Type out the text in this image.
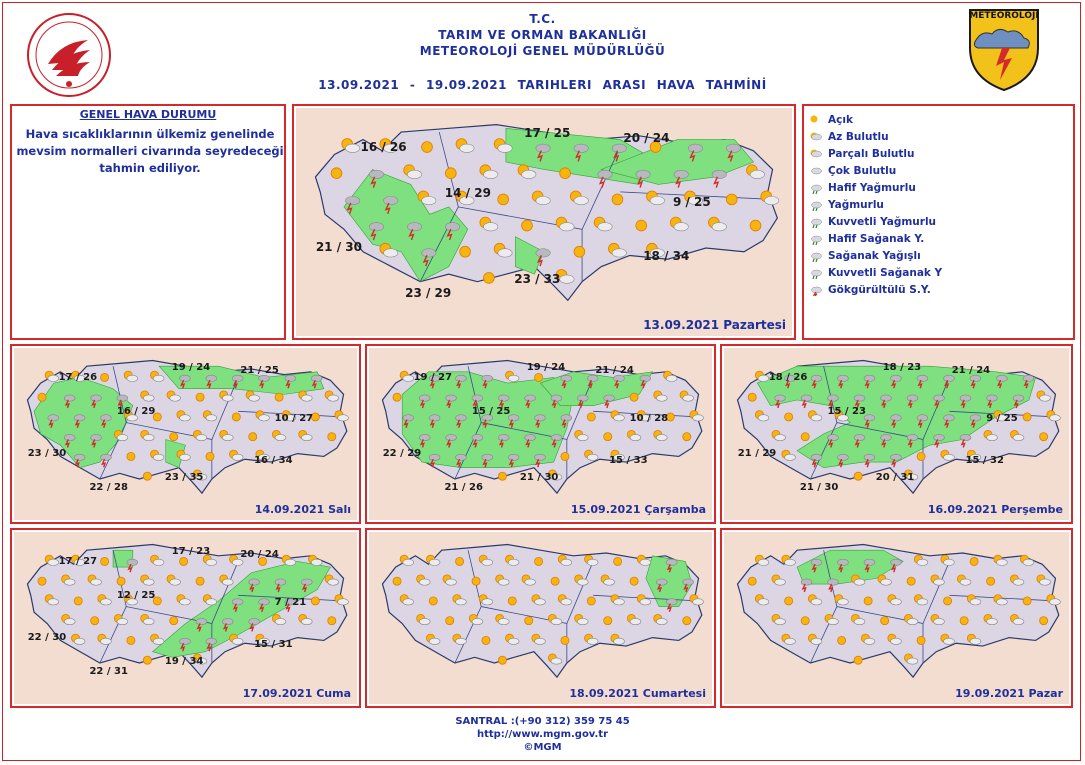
METEOROLOJİ
T.C.
TARIM VE ORMAN BAKANLIĞI
METEOROLOJİ GENEL MÜDÜRLÜĞÜ
13.09.2021 - 19.09.2021 TARIHLERI ARASI HAVA TAHMİNİ
GENEL HAVA DURUMU
Hava sıcaklıklarının ülkemiz genelinde mevsim normalleri civarında seyredeceği tahmin ediliyor.
16 / 26
17 / 25	20 / 24
14 / 29
9 / 25
21 / 30
18 / 34
23 / 33
23 / 29
13.09.2021 Pazartesi
17 / 26
19 / 24	21 / 25
16 / 29
10 / 27
23 / 30
16 / 34
23 / 35
22 / 28
14.09.2021 Salı
19 / 27
19 / 24	21 / 24
15 / 25
10 / 28
22 / 29
15 / 33
21 / 30
21 / 26
15.09.2021 Çarşamba
18 / 26
18 / 23	21 / 24
15 / 23
9 / 25
21 / 29
15 / 32
20 / 31
21 / 30
16.09.2021 Perşembe
17 / 27
17 / 23	20 / 24
12 / 25
7 / 21
22 / 30
15 / 31
19 / 34
22 / 31
17.09.2021 Cuma	18.09.2021 Cumartesi	19.09.2021 Pazar
Açık
Az Bulutlu
Parçalı Bulutlu
Çok Bulutlu
Hafif Yağmurlu
Yağmurlu
Kuvvetli Yağmurlu
Hafif Sağanak Y.
Sağanak Yağışlı
Kuvvetli Sağanak Y
Gökgürültülü S.Y.
SANTRAL :(+90 312) 359 75 45
http://www.mgm.gov.tr
©MGM
